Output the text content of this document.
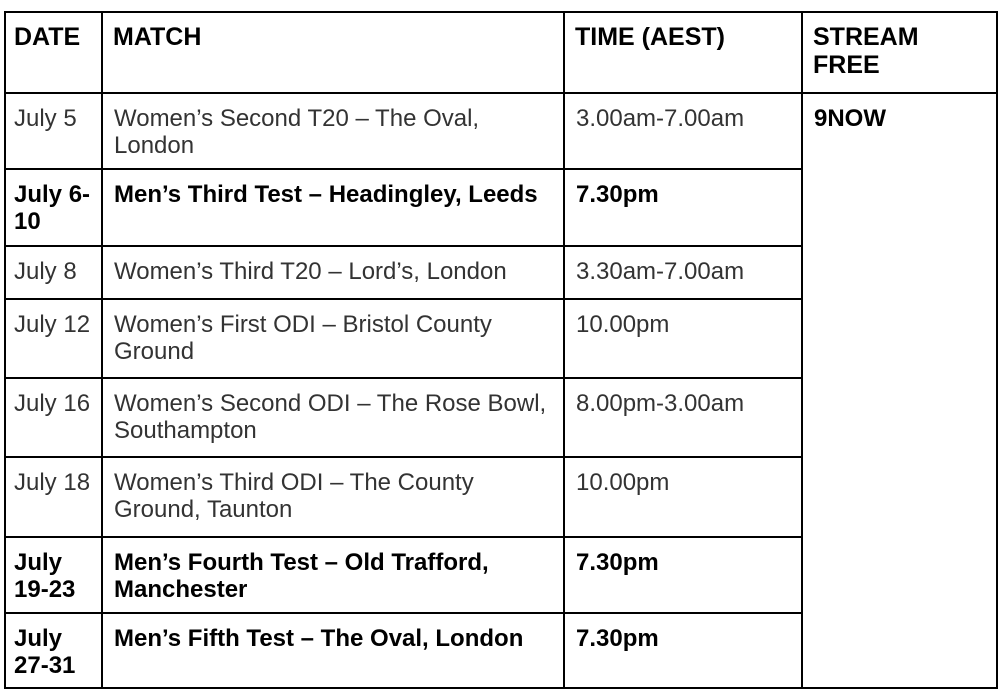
DATE	MATCH	TIME (AEST)	STREAM FREE
July 5	Women’s Second T20 – The Oval, London	3.00am-7.00am	9NOW
July 6-10	Men’s Third Test – Headingley, Leeds	7.30pm	
July 8	Women’s Third T20 – Lord’s, London	3.30am-7.00am	
July 12	Women’s First ODI – Bristol County Ground	10.00pm	
July 16	Women’s Second ODI – The Rose Bowl, Southampton	8.00pm-3.00am	
July 18	Women’s Third ODI – The County Ground, Taunton	10.00pm	
July 19-23	Men’s Fourth Test – Old Trafford, Manchester	7.30pm	
July 27-31	Men’s Fifth Test – The Oval, London	7.30pm	
